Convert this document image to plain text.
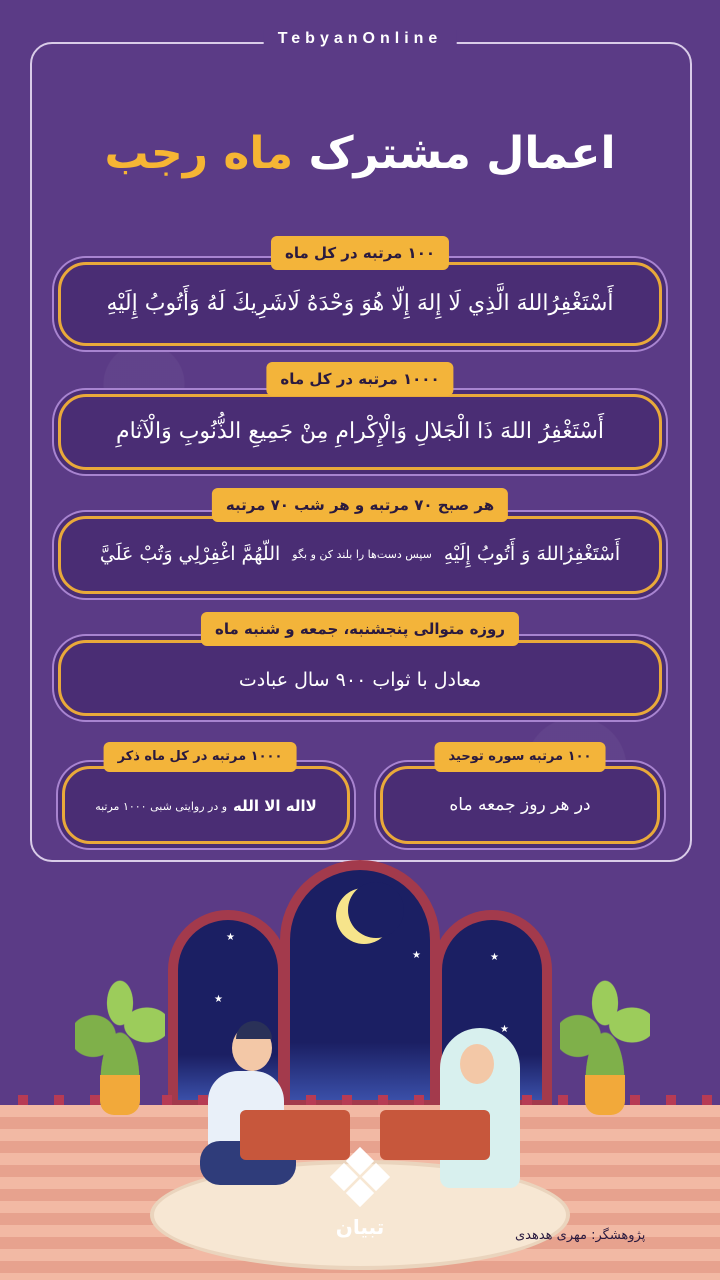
TebyanOnline
اعمال مشترک ماه رجب
أَسْتَغْفِرُاللهَ الَّذِي لَا إِلهَ إِلّا هُوَ وَحْدَهُ لَاشَرِيكَ لَهُ وَأَتُوبُ إِلَيْهِ
۱۰۰ مرتبه در کل ماه
أَسْتَغْفِرُ اللهَ ذَا الْجَلالِ وَالْإِكْرامِ مِنْ جَمِيعِ الذُّنُوبِ وَالْآثامِ
۱۰۰۰ مرتبه در کل ماه
أَسْتَغْفِرُاللهَ وَ أَتُوبُ إِلَيْهِ
سپس دست‌ها را بلند کن و بگو
اللّهُمَّ اغْفِرْلِي وَتُبْ عَلَيَّ
هر صبح ۷۰ مرتبه و هر شب ۷۰ مرتبه
معادل با ثواب ۹۰۰ سال عبادت
روزه متوالی پنجشنبه، جمعه و شنبه ماه
در هر روز جمعه ماه
۱۰۰ مرتبه سوره توحید
لااله الا الله
و در روایتی شبی ۱۰۰۰ مرتبه
۱۰۰۰ مرتبه در کل ماه ذکر
★
★
★
★
★
تبیان	پژوهشگر: مهری هدهدی
